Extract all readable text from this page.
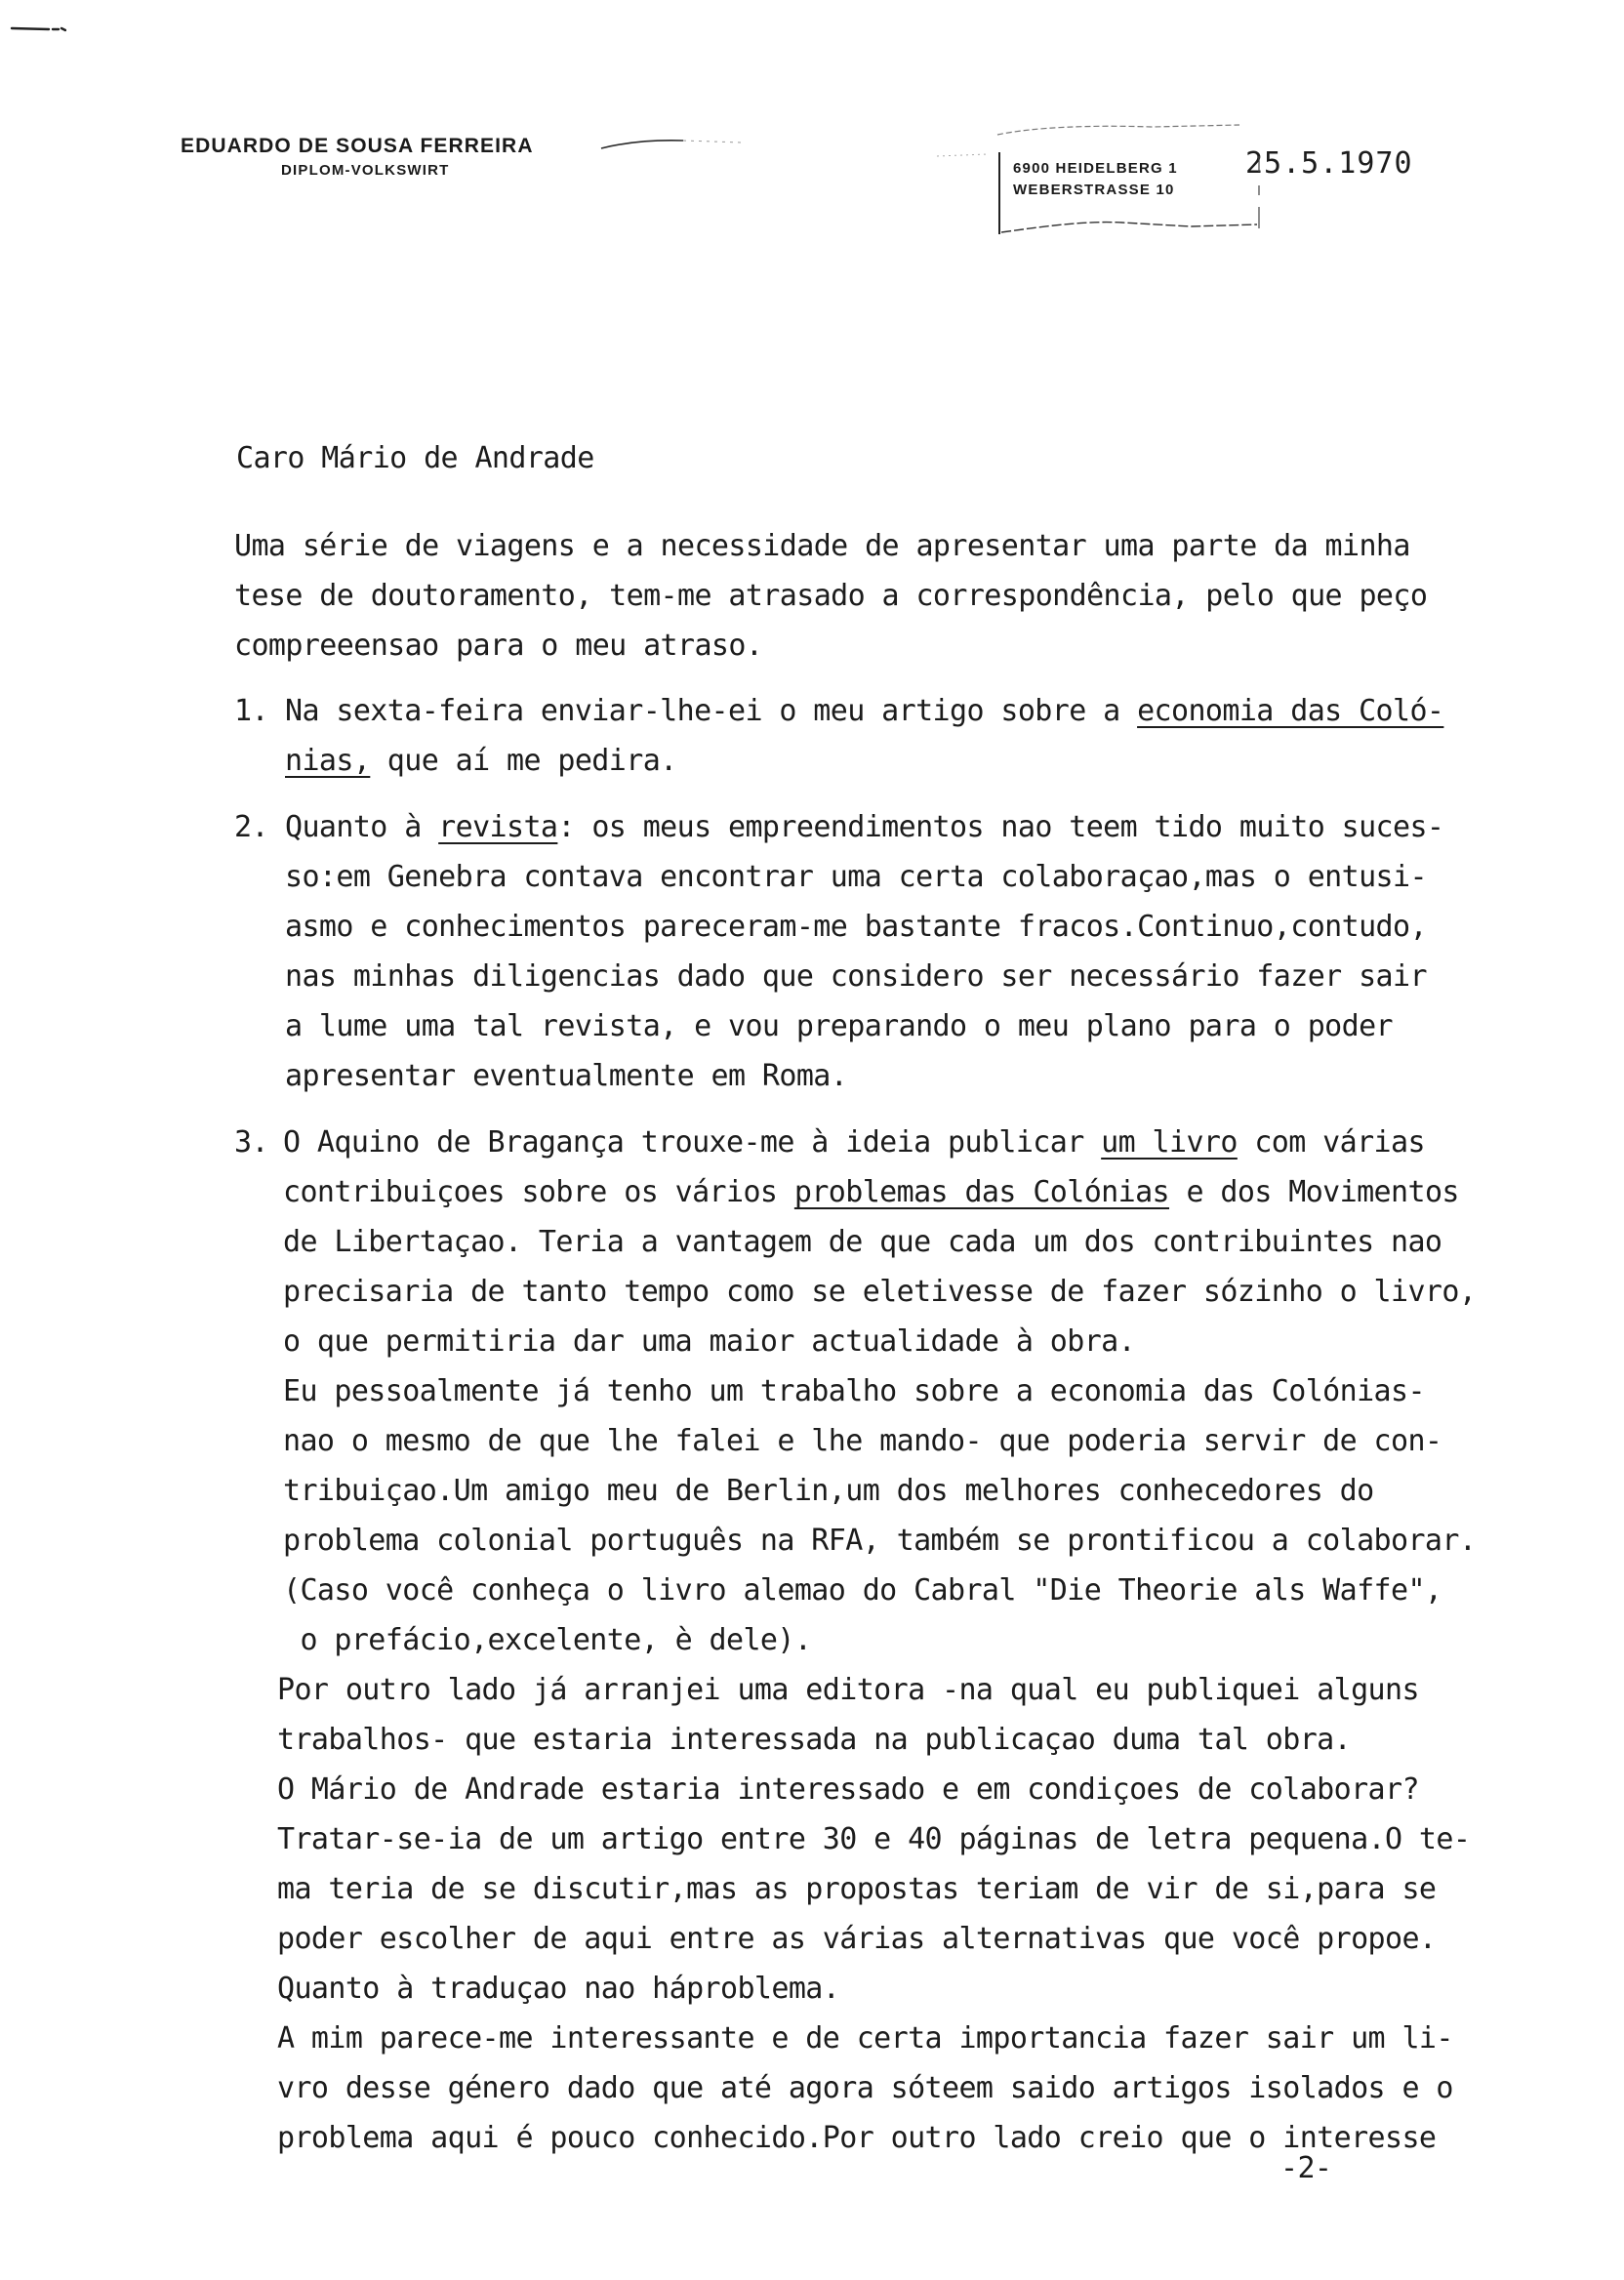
EDUARDO DE SOUSA FERREIRA
DIPLOM-VOLKSWIRT	6900 HEIDELBERG 1
WEBERSTRASSE 10
25.5.1970
Caro Mário de Andrade
Uma série de viagens e a necessidade de apresentar uma parte da minha
tese de doutoramento, tem-me atrasado a correspondência, pelo que peço
compreeensao para o meu atraso.
1. Na sexta-feira enviar-lhe-ei o meu artigo sobre a economia das Coló-
nias, que aí me pedira.
2. Quanto à revista: os meus empreendimentos nao teem tido muito suces-
so:em Genebra contava encontrar uma certa colaboraçao,mas o entusi-
asmo e conhecimentos pareceram-me bastante fracos.Continuo,contudo,
nas minhas diligencias dado que considero ser necessário fazer sair
a lume uma tal revista, e vou preparando o meu plano para o poder
apresentar eventualmente em Roma.
3. O Aquino de Bragança trouxe-me à ideia publicar um livro com várias
contribuiçoes sobre os vários problemas das Colónias e dos Movimentos
de Libertaçao. Teria a vantagem de que cada um dos contribuintes nao
precisaria de tanto tempo como se eletivesse de fazer sózinho o livro,
o que permitiria dar uma maior actualidade à obra.
Eu pessoalmente já tenho um trabalho sobre a economia das Colónias-
nao o mesmo de que lhe falei e lhe mando- que poderia servir de con-
tribuiçao.Um amigo meu de Berlin,um dos melhores conhecedores do
problema colonial português na RFA, também se prontificou a colaborar.
(Caso você conheça o livro alemao do Cabral "Die Theorie als Waffe",
o prefácio,excelente, è dele).
Por outro lado já arranjei uma editora -na qual eu publiquei alguns
trabalhos- que estaria interessada na publicaçao duma tal obra.
O Mário de Andrade estaria interessado e em condiçoes de colaborar?
Tratar-se-ia de um artigo entre 30 e 40 páginas de letra pequena.O te-
ma teria de se discutir,mas as propostas teriam de vir de si,para se
poder escolher de aqui entre as várias alternativas que você propoe.
Quanto à traduçao nao háproblema.
A mim parece-me interessante e de certa importancia fazer sair um li-
vro desse género dado que até agora sóteem saido artigos isolados e o
problema aqui é pouco conhecido.Por outro lado creio que o interesse
-2-
